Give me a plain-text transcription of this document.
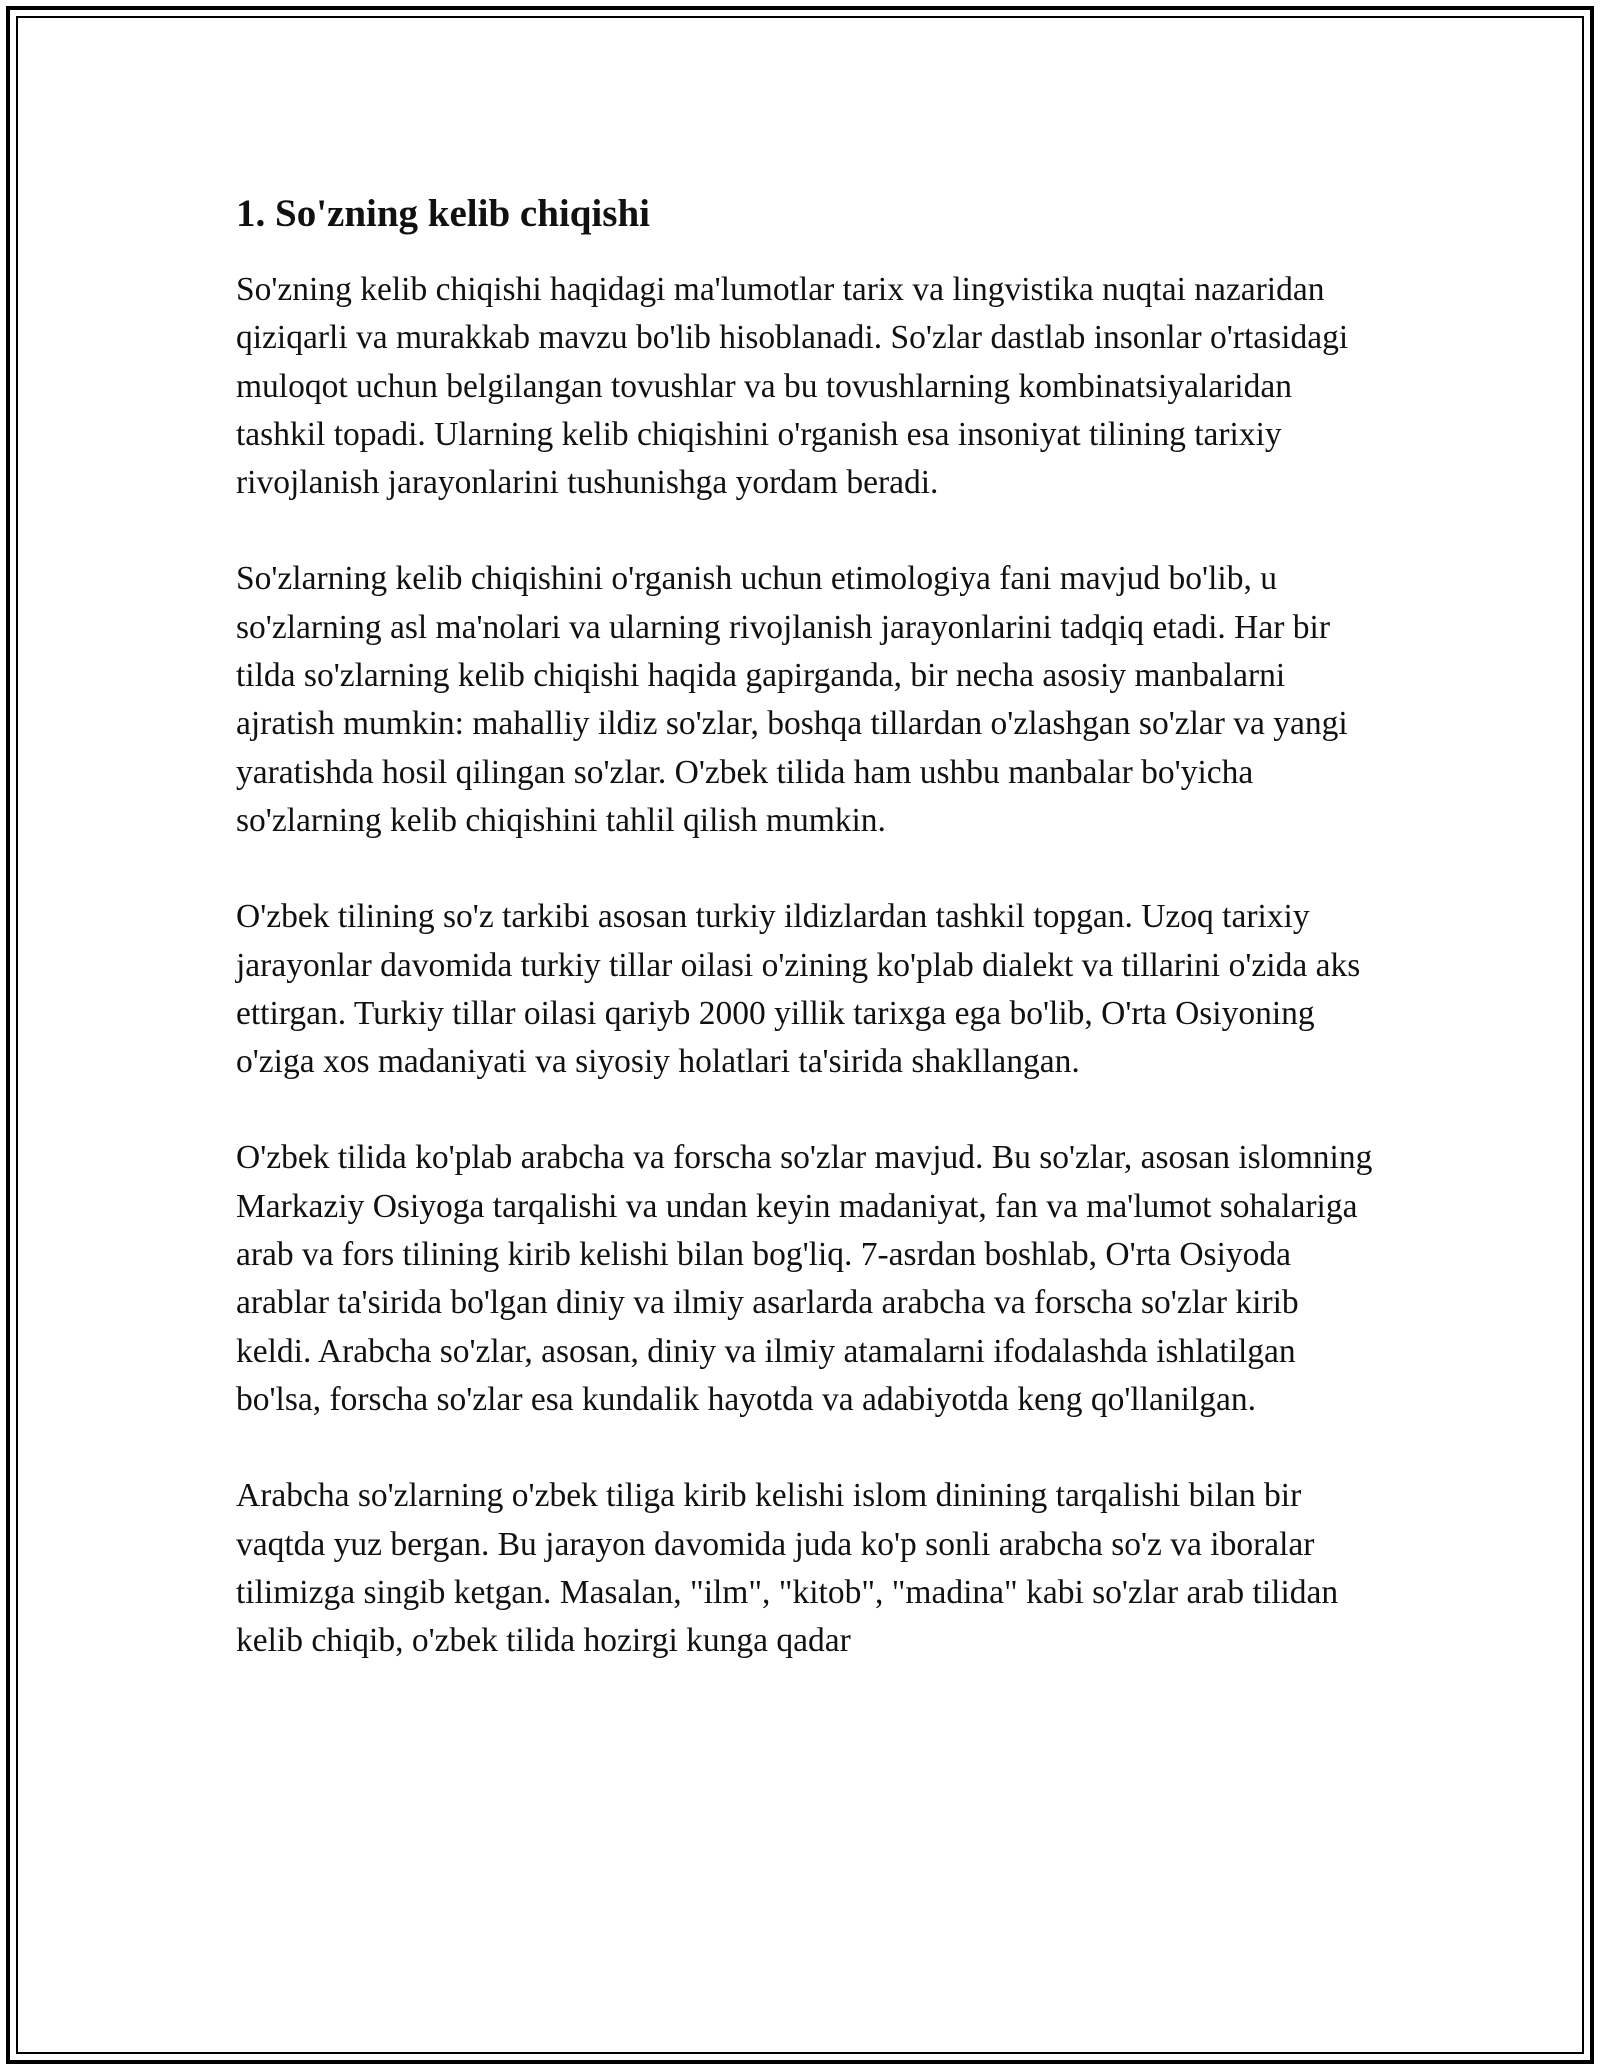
1. So'zning kelib chiqishi

So'zning kelib chiqishi haqidagi ma'lumotlar tarix va lingvistika nuqtai nazaridan qiziqarli va murakkab mavzu bo'lib hisoblanadi. So'zlar dastlab insonlar o'rtasidagi muloqot uchun belgilangan tovushlar va bu tovushlarning kombinatsiyalaridan tashkil topadi. Ularning kelib chiqishini o'rganish esa insoniyat tilining tarixiy rivojlanish jarayonlarini tushunishga yordam beradi.

So'zlarning kelib chiqishini o'rganish uchun etimologiya fani mavjud bo'lib, u so'zlarning asl ma'nolari va ularning rivojlanish jarayonlarini tadqiq etadi. Har bir tilda so'zlarning kelib chiqishi haqida gapirganda, bir necha asosiy manbalarni ajratish mumkin: mahalliy ildiz so'zlar, boshqa tillardan o'zlashgan so'zlar va yangi yaratishda hosil qilingan so'zlar. O'zbek tilida ham ushbu manbalar bo'yicha so'zlarning kelib chiqishini tahlil qilish mumkin.

O'zbek tilining so'z tarkibi asosan turkiy ildizlardan tashkil topgan. Uzoq tarixiy jarayonlar davomida turkiy tillar oilasi o'zining ko'plab dialekt va tillarini o'zida aks ettirgan. Turkiy tillar oilasi qariyb 2000 yillik tarixga ega bo'lib, O'rta Osiyoning o'ziga xos madaniyati va siyosiy holatlari ta'sirida shakllangan.

O'zbek tilida ko'plab arabcha va forscha so'zlar mavjud. Bu so'zlar, asosan islomning Markaziy Osiyoga tarqalishi va undan keyin madaniyat, fan va ma'lumot sohalariga arab va fors tilining kirib kelishi bilan bog'liq. 7-asrdan boshlab, O'rta Osiyoda arablar ta'sirida bo'lgan diniy va ilmiy asarlarda arabcha va forscha so'zlar kirib keldi. Arabcha so'zlar, asosan, diniy va ilmiy atamalarni ifodalashda ishlatilgan bo'lsa, forscha so'zlar esa kundalik hayotda va adabiyotda keng qo'llanilgan.

Arabcha so'zlarning o'zbek tiliga kirib kelishi islom dinining tarqalishi bilan bir vaqtda yuz bergan. Bu jarayon davomida juda ko'p sonli arabcha so'z va iboralar tilimizga singib ketgan. Masalan, "ilm", "kitob", "madina" kabi so'zlar arab tilidan kelib chiqib, o'zbek tilida hozirgi kunga qadar
